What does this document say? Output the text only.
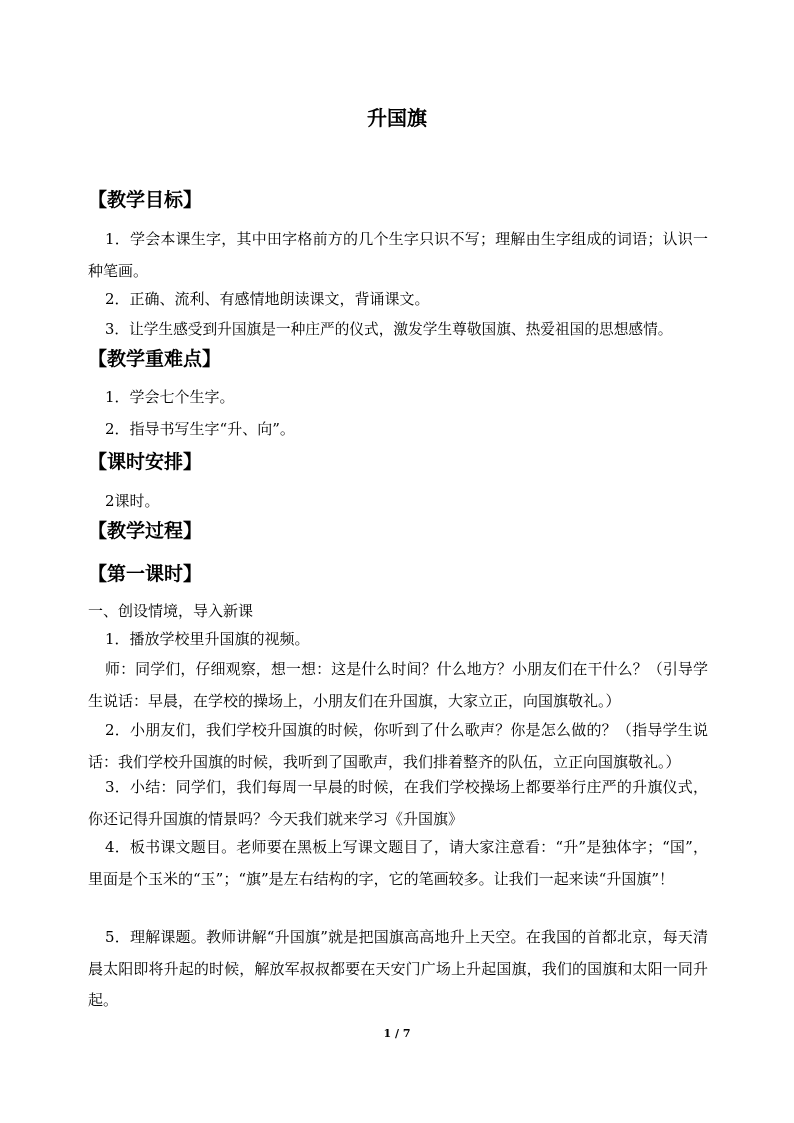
升国旗
【教学目标】
1．学会本课生字，其中田字格前方的几个生字只识不写；理解由生字组成的词语；认识一种笔画。
2．正确、流利、有感情地朗读课文，背诵课文。
3．让学生感受到升国旗是一种庄严的仪式，激发学生尊敬国旗、热爱祖国的思想感情。
【教学重难点】
1．学会七个生字。
2．指导书写生字“升、向”。
【课时安排】
2课时。
【教学过程】
【第一课时】
一、创设情境，导入新课
1．播放学校里升国旗的视频。
师：同学们，仔细观察，想一想：这是什么时间？什么地方？小朋友们在干什么？（引导学生说话：早晨，在学校的操场上，小朋友们在升国旗，大家立正，向国旗敬礼。）
2．小朋友们，我们学校升国旗的时候，你听到了什么歌声？你是怎么做的？（指导学生说话：我们学校升国旗的时候，我听到了国歌声，我们排着整齐的队伍，立正向国旗敬礼。）
3．小结：同学们，我们每周一早晨的时候，在我们学校操场上都要举行庄严的升旗仪式，你还记得升国旗的情景吗？今天我们就来学习《升国旗》
4．板书课文题目。老师要在黑板上写课文题目了，请大家注意看：“升”是独体字；“国”，里面是个玉米的“玉”；“旗”是左右结构的字，它的笔画较多。让我们一起来读“升国旗”！
5．理解课题。教师讲解“升国旗”就是把国旗高高地升上天空。在我国的首都北京，每天清晨太阳即将升起的时候，解放军叔叔都要在天安门广场上升起国旗，我们的国旗和太阳一同升起。
1 / 7
